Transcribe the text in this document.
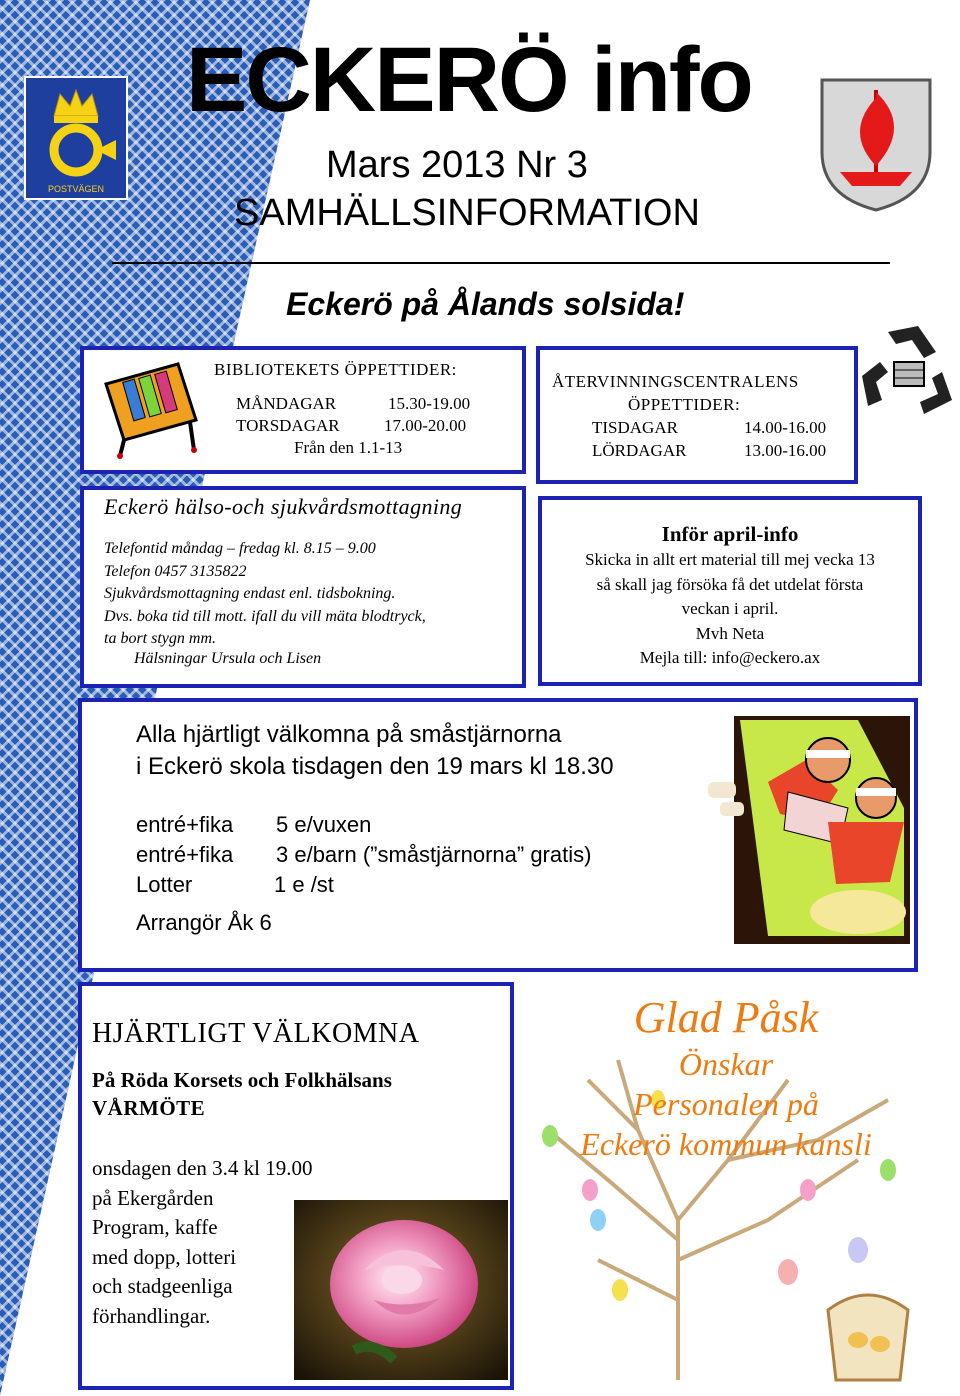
POSTVÄGEN
ECKERÖ info
Mars 2013 Nr 3
SAMHÄLLSINFORMATION
Eckerö på Ålands solsida!
BIBLIOTEKETS ÖPPETTIDER:
MÅNDAGAR	15.30-19.00
TORSDAGAR	17.00-20.00
Från den 1.1-13
ÅTERVINNINGSCENTRALENS
ÖPPETTIDER:
TISDAGAR	14.00-16.00
LÖRDAGAR	13.00-16.00
Eckerö hälso-och sjukvårdsmottagning
Telefontid måndag – fredag kl. 8.15 – 9.00
Telefon 0457 3135822
Sjukvårdsmottagning endast enl. tidsbokning.
Dvs. boka tid till mott. ifall du vill mäta blodtryck,
ta bort stygn mm.
Hälsningar Ursula och Lisen
Inför april-info
Skicka in allt ert material till mej vecka 13
så skall jag försöka få det utdelat första
veckan i april.
Mvh Neta
Mejla till: info@eckero.ax
Alla hjärtligt välkomna på småstjärnorna
i Eckerö skola tisdagen den 19 mars kl 18.30
entré+fika	5 e/vuxen
entré+fika	3 e/barn (”småstjärnorna” gratis)
Lotter	1 e /st
Arrangör Åk 6
HJÄRTLIGT VÄLKOMNA
På Röda Korsets och Folkhälsans
VÅRMÖTE
onsdagen den 3.4 kl 19.00
på Ekergården
Program, kaffe
med dopp, lotteri
och stadgeenliga
förhandlingar.
Glad Påsk
Önskar
Personalen på
Eckerö kommun kansli
